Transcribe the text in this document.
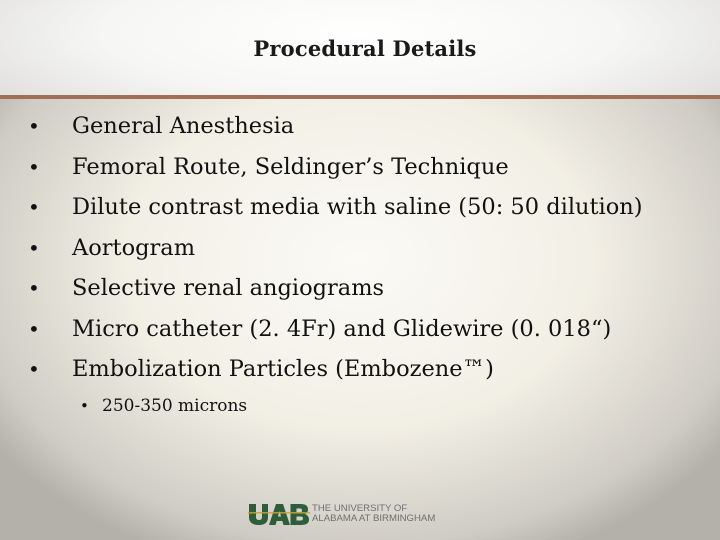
Procedural Details
•	General Anesthesia
•	Femoral Route, Seldinger’s Technique
•	Dilute contrast media with saline (50: 50 dilution)
•	Aortogram
•	Selective renal angiograms
•	Micro catheter (2. 4Fr) and Glidewire (0. 018“)
•	Embolization Particles (Embozene™)
• 250-350 microns
THE UNIVERSITY OF
ALABAMA AT BIRMINGHAM
